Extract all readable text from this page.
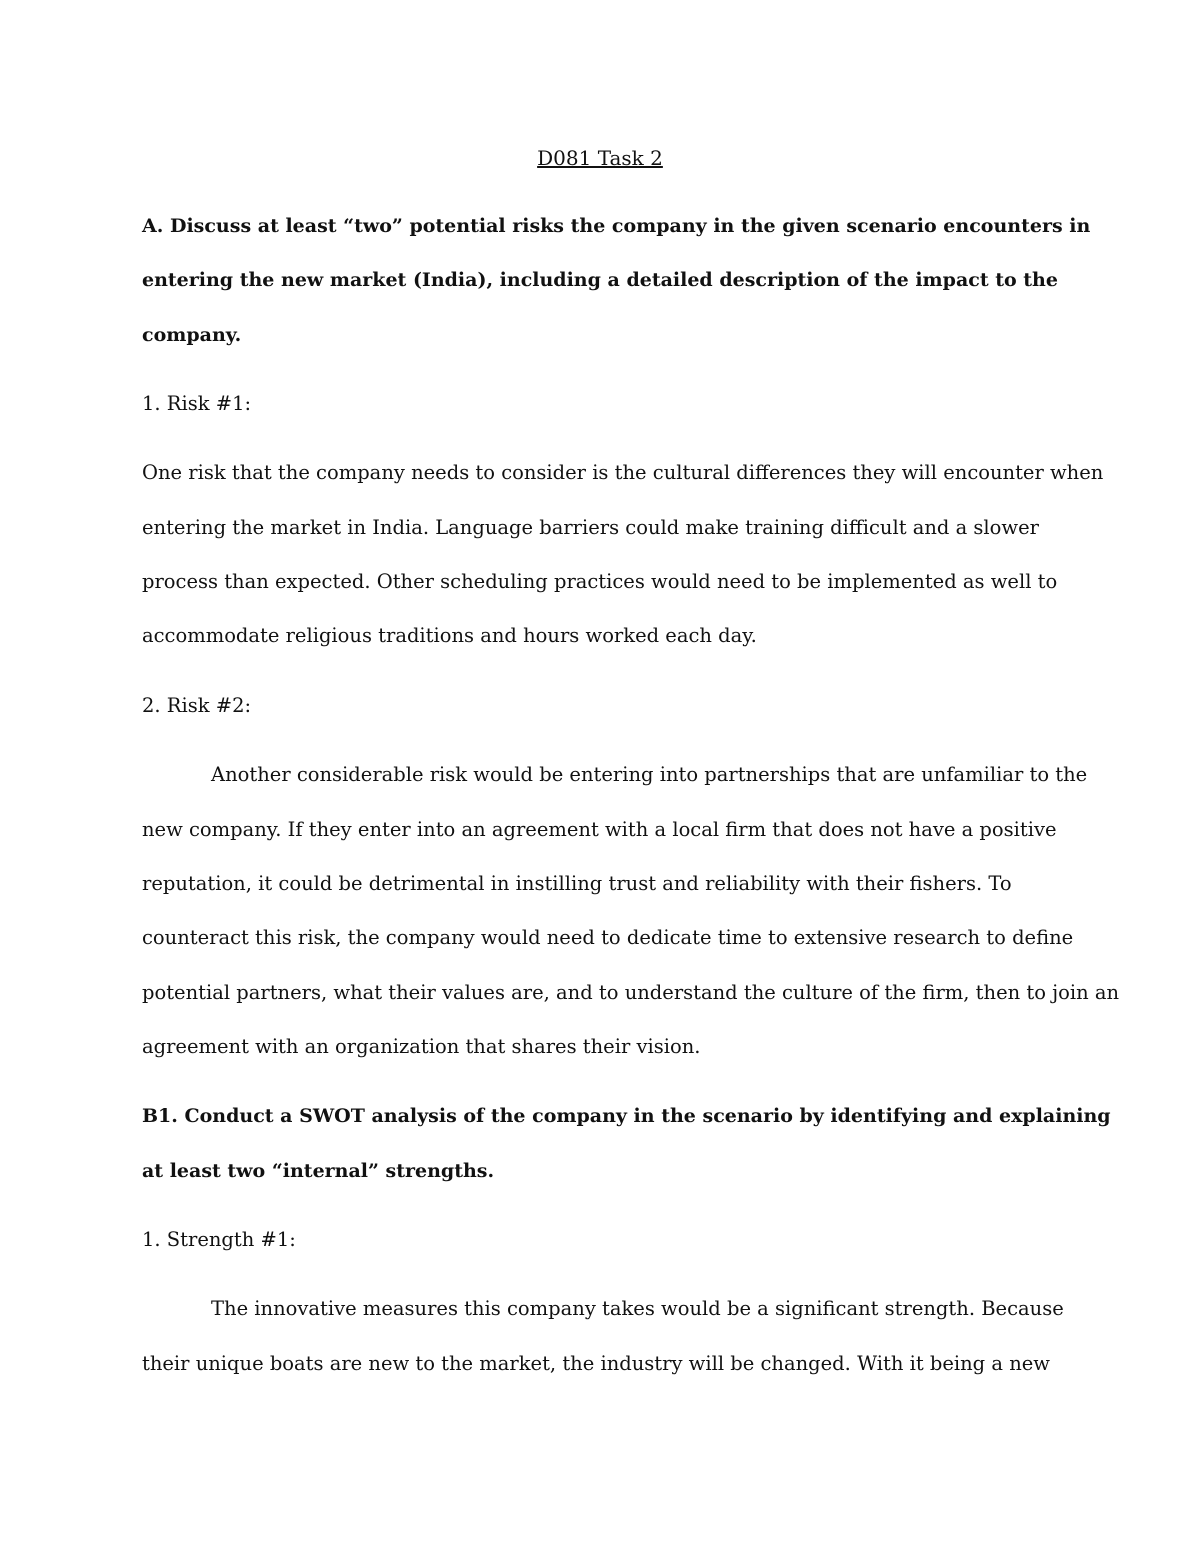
D081 Task 2
A. Discuss at least “two” potential risks the company in the given scenario encounters in
entering the new market (India), including a detailed description of the impact to the
company.
1. Risk #1:
One risk that the company needs to consider is the cultural differences they will encounter when
entering the market in India. Language barriers could make training difficult and a slower
process than expected. Other scheduling practices would need to be implemented as well to
accommodate religious traditions and hours worked each day.
2. Risk #2:
Another considerable risk would be entering into partnerships that are unfamiliar to the
new company. If they enter into an agreement with a local firm that does not have a positive
reputation, it could be detrimental in instilling trust and reliability with their fishers. To
counteract this risk, the company would need to dedicate time to extensive research to define
potential partners, what their values are, and to understand the culture of the firm, then to join an
agreement with an organization that shares their vision.
B1. Conduct a SWOT analysis of the company in the scenario by identifying and explaining
at least two “internal” strengths.
1. Strength #1:
The innovative measures this company takes would be a significant strength. Because
their unique boats are new to the market, the industry will be changed. With it being a new
